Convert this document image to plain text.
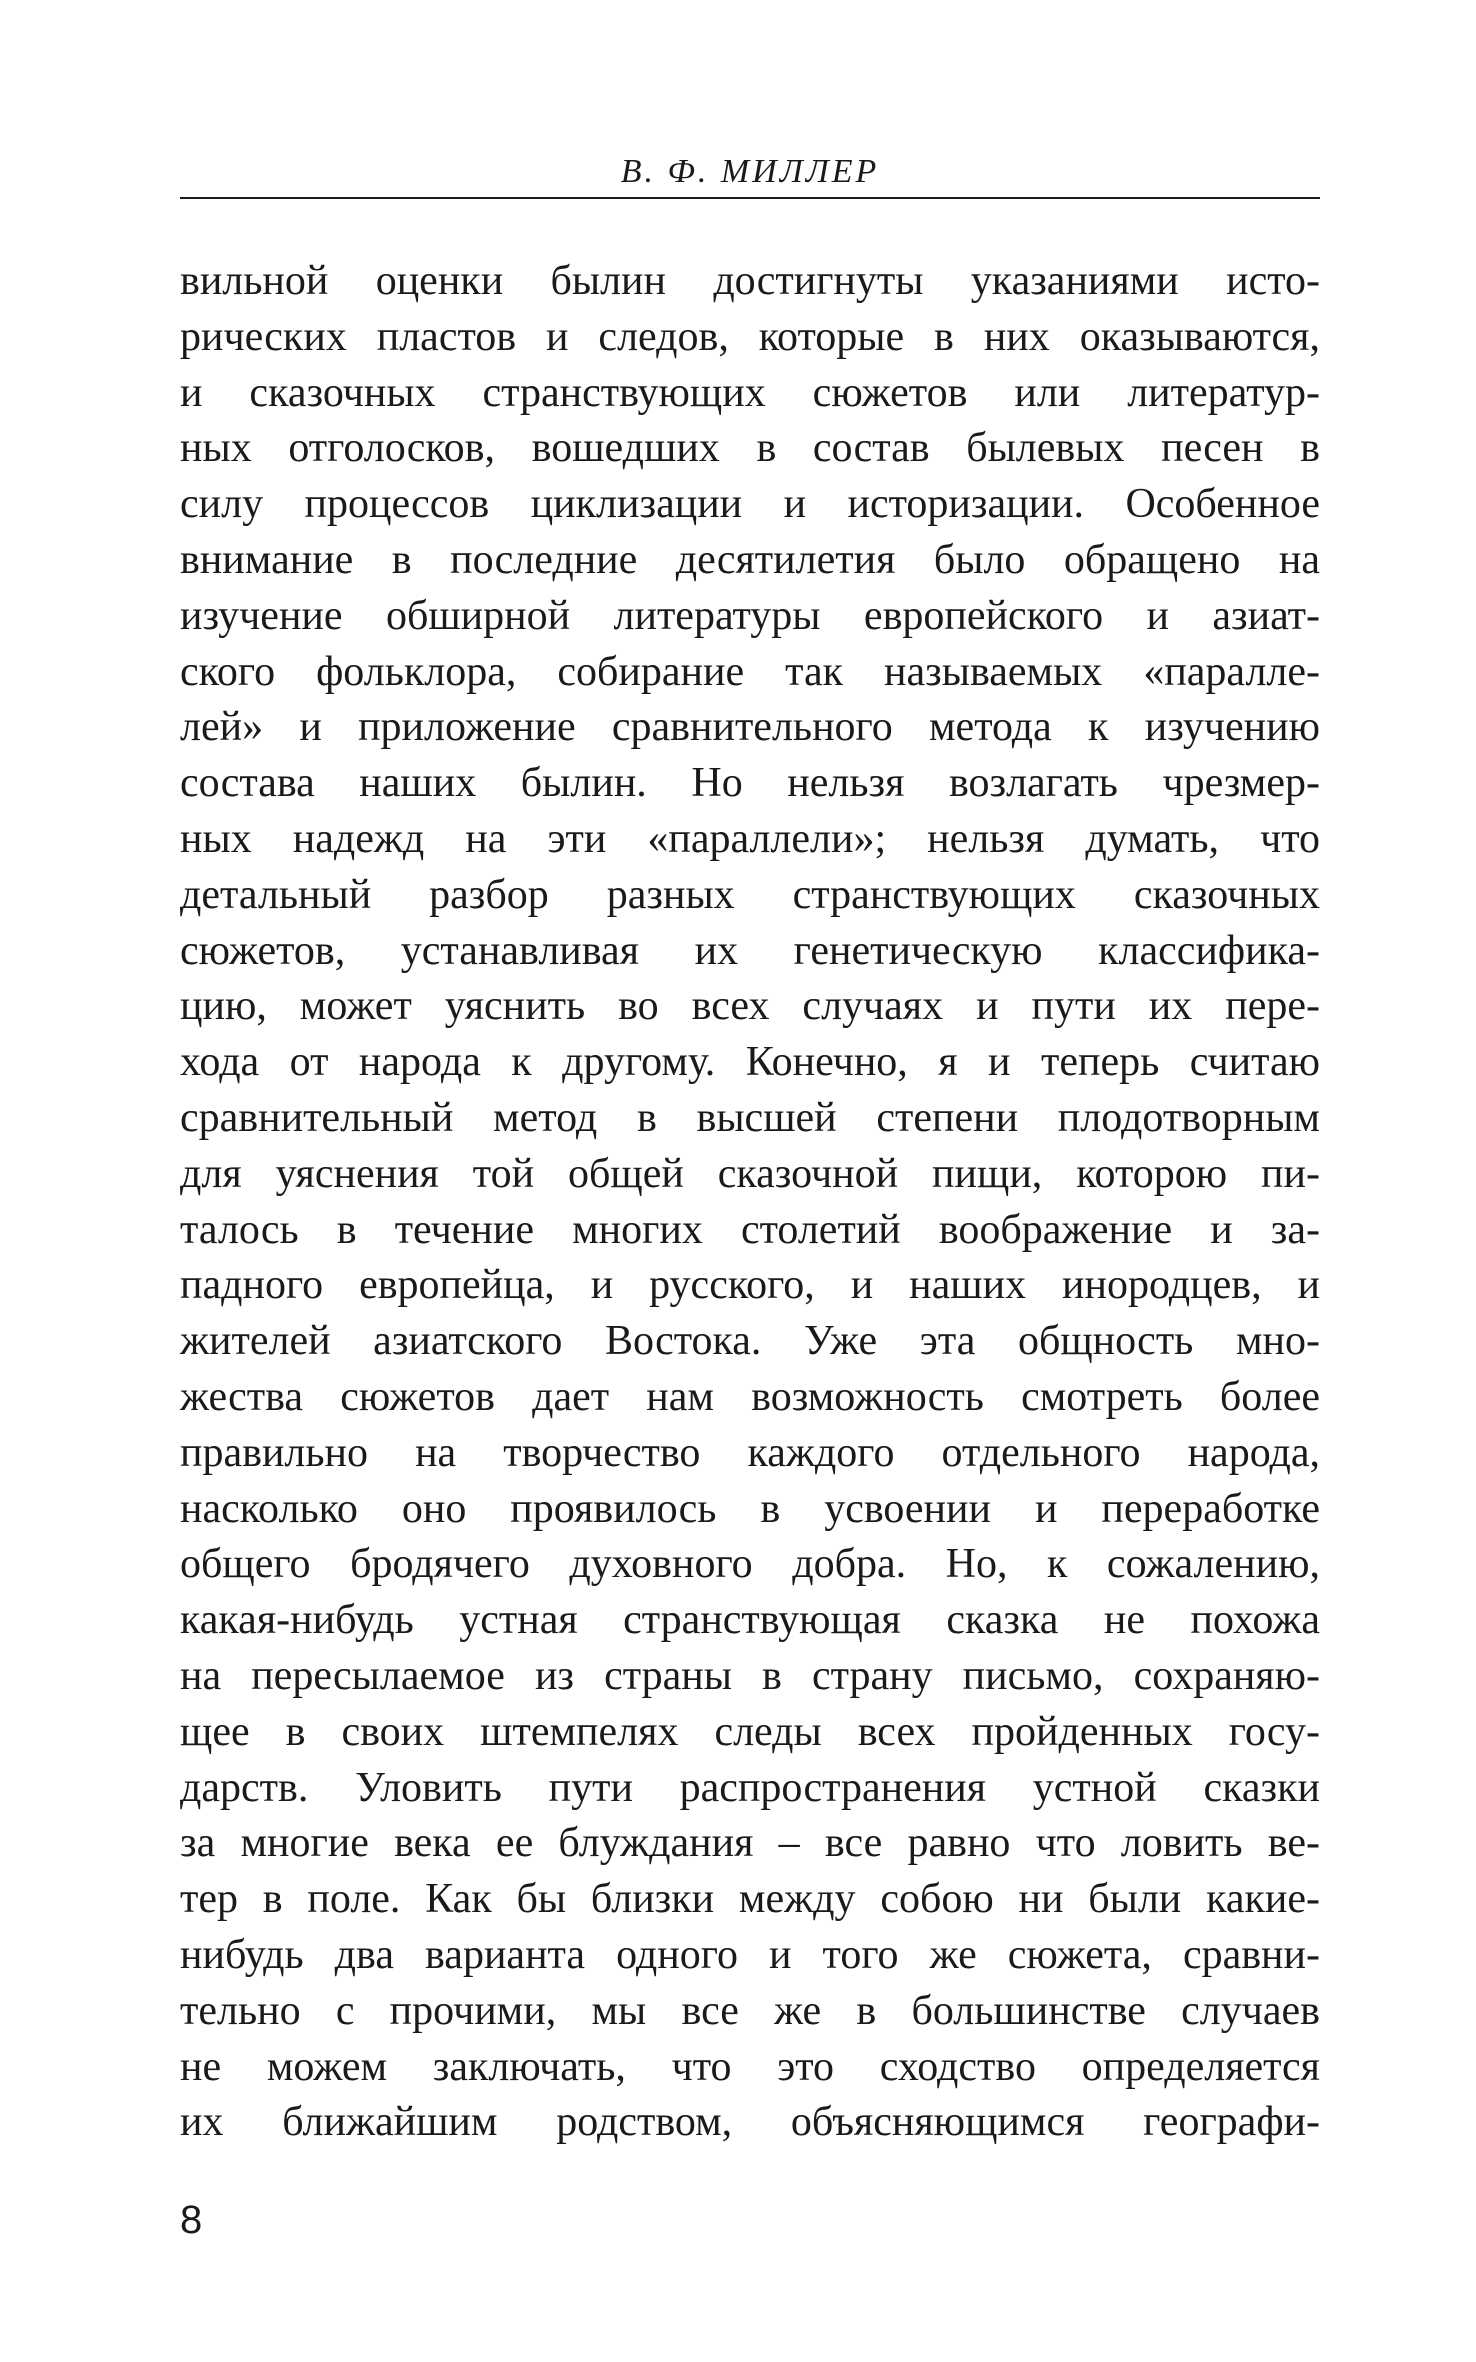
В. Ф. МИЛЛЕР
вильной оценки былин достигнуты указаниями исто-
рических пластов и следов, которые в них оказываются,
и сказочных странствующих сюжетов или литератур-
ных отголосков, вошедших в состав былевых песен в
силу процессов циклизации и историзации. Особенное
внимание в последние десятилетия было обращено на
изучение обширной литературы европейского и азиат-
ского фольклора, собирание так называемых «паралле-
лей» и приложение сравнительного метода к изучению
состава наших былин. Но нельзя возлагать чрезмер-
ных надежд на эти «параллели»; нельзя думать, что
детальный разбор разных странствующих сказочных
сюжетов, устанавливая их генетическую классифика-
цию, может уяснить во всех случаях и пути их пере-
хода от народа к другому. Конечно, я и теперь считаю
сравнительный метод в высшей степени плодотворным
для уяснения той общей сказочной пищи, которою пи-
талось в течение многих столетий воображение и за-
падного европейца, и русского, и наших инородцев, и
жителей азиатского Востока. Уже эта общность мно-
жества сюжетов дает нам возможность смотреть более
правильно на творчество каждого отдельного народа,
насколько оно проявилось в усвоении и переработке
общего бродячего духовного добра. Но, к сожалению,
какая-нибудь устная странствующая сказка не похожа
на пересылаемое из страны в страну письмо, сохраняю-
щее в своих штемпелях следы всех пройденных госу-
дарств. Уловить пути распространения устной сказки
за многие века ее блуждания – все равно что ловить ве-
тер в поле. Как бы близки между собою ни были какие-
нибудь два варианта одного и того же сюжета, сравни-
тельно с прочими, мы все же в большинстве случаев
не можем заключать, что это сходство определяется
их ближайшим родством, объясняющимся географи-
8
